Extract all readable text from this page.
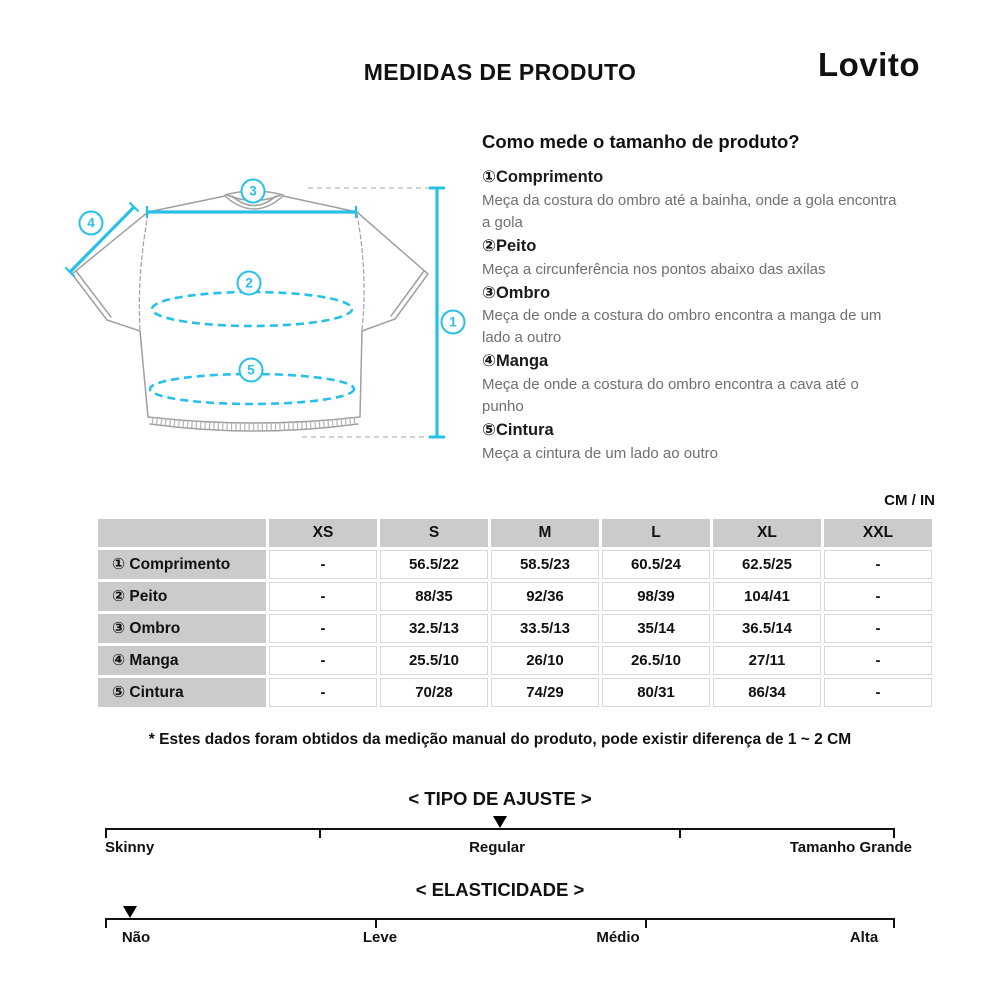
MEDIDAS DE PRODUTO	Lovito
3
4
2
5
1
Como mede o tamanho de produto?
①Comprimento
Meça da costura do ombro até a bainha, onde a gola encontra a gola
②Peito
Meça a circunferência nos pontos abaixo das axilas
③Ombro
Meça de onde a costura do ombro encontra a manga de um lado a outro
④Manga
Meça de onde a costura do ombro encontra a cava até o punho
⑤Cintura
Meça a cintura de um lado ao outro
CM / IN
	XS	S	M	L	XL	XXL
① Comprimento	-	56.5/22	58.5/23	60.5/24	62.5/25	-
② Peito	-	88/35	92/36	98/39	104/41	-
③ Ombro	-	32.5/13	33.5/13	35/14	36.5/14	-
④ Manga	-	25.5/10	26/10	26.5/10	27/11	-
⑤ Cintura	-	70/28	74/29	80/31	86/34	-
* Estes dados foram obtidos da medição manual do produto, pode existir diferença de 1 ~ 2 CM
< TIPO DE AJUSTE >
Skinny	Regular	Tamanho Grande
< ELASTICIDADE >
Não	Leve	Médio	Alta
